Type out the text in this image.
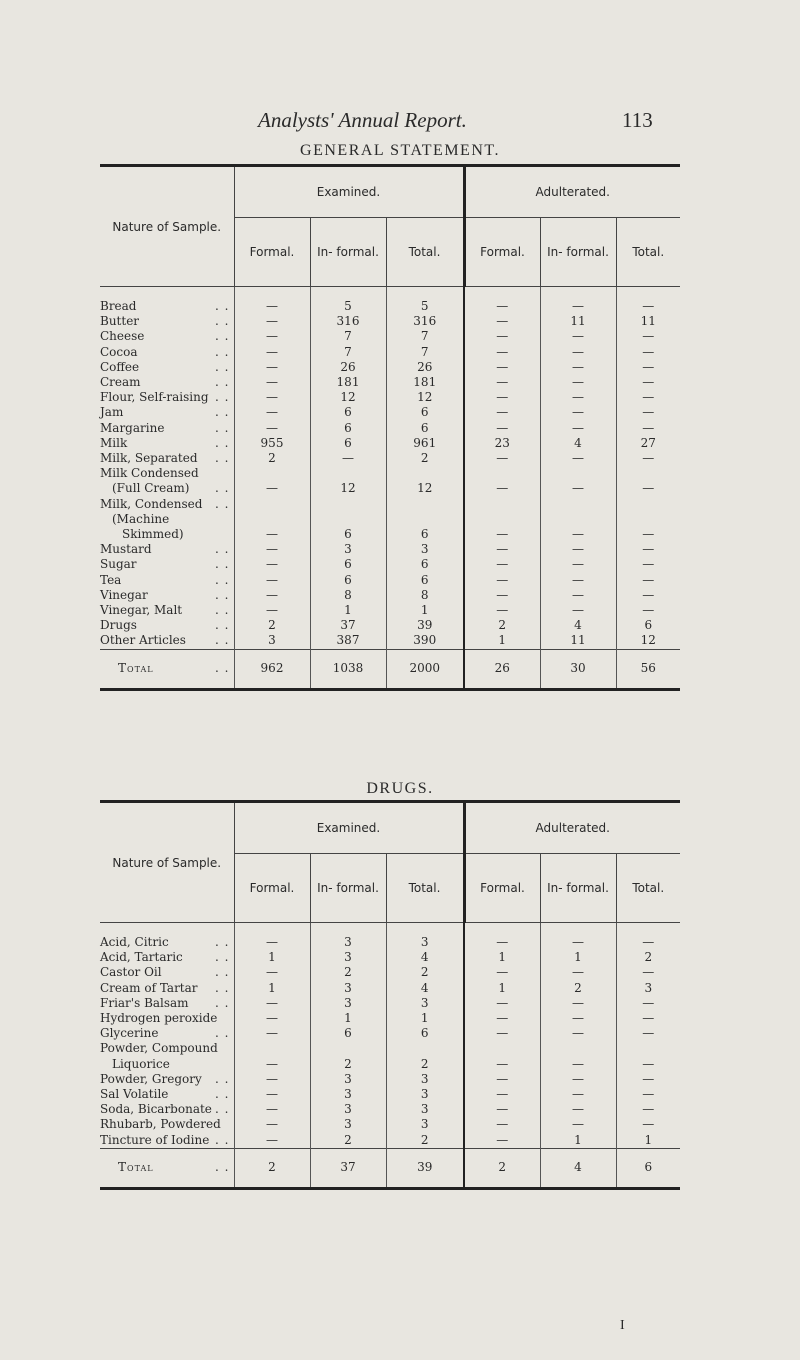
Analysts' Annual Report.	113
GENERAL STATEMENT.
Nature of Sample.	Examined.			Adulterated.		
	Formal.	In- formal.	Total.	Formal.	In- formal.	Total.
Bread . .	—	5	5	—	—	—
Butter . .	—	316	316	—	11	11
Cheese . .	—	7	7	—	—	—
Cocoa . .	—	7	7	—	—	—
Coffee . .	—	26	26	—	—	—
Cream . .	—	181	181	—	—	—
Flour, Self-raising . .	—	12	12	—	—	—
Jam . .	—	6	6	—	—	—
Margarine . .	—	6	6	—	—	—
Milk . .	955	6	961	23	4	27
Milk, Separated . .	2	—	2	—	—	—
Milk Condensed

(Full Cream) . .	—	12	12	—	—	—
Milk, Condensed . .						

(Machine

Skimmed)	—	6	6	—	—	—
Mustard . .	—	3	3	—	—	—
Sugar . .	—	6	6	—	—	—
Tea . .	—	6	6	—	—	—
Vinegar . .	—	8	8	—	—	—
Vinegar, Malt . .	—	1	1	—	—	—
Drugs . .	2	37	39	2	4	6
Other Articles . .	3	387	390	1	11	12
Total . .	962	1038	2000	26	30	56
DRUGS.
Nature of Sample.	Examined.			Adulterated.		
	Formal.	In- formal.	Total.	Formal.	In- formal.	Total.
Acid, Citric . .	—	3	3	—	—	—
Acid, Tartaric . .	1	3	4	1	1	2
Castor Oil . .	—	2	2	—	—	—
Cream of Tartar . .	1	3	4	1	2	3
Friar's Balsam . .	—	3	3	—	—	—
Hydrogen peroxide	—	1	1	—	—	—
Glycerine . .	—	6	6	—	—	—
Powder, Compound

Liquorice	—	2	2	—	—	—
Powder, Gregory . .	—	3	3	—	—	—
Sal Volatile . .	—	3	3	—	—	—
Soda, Bicarbonate . .	—	3	3	—	—	—
Rhubarb, Powdered	—	3	3	—	—	—
Tincture of Iodine . .	—	2	2	—	1	1
Total . .	2	37	39	2	4	6
I
